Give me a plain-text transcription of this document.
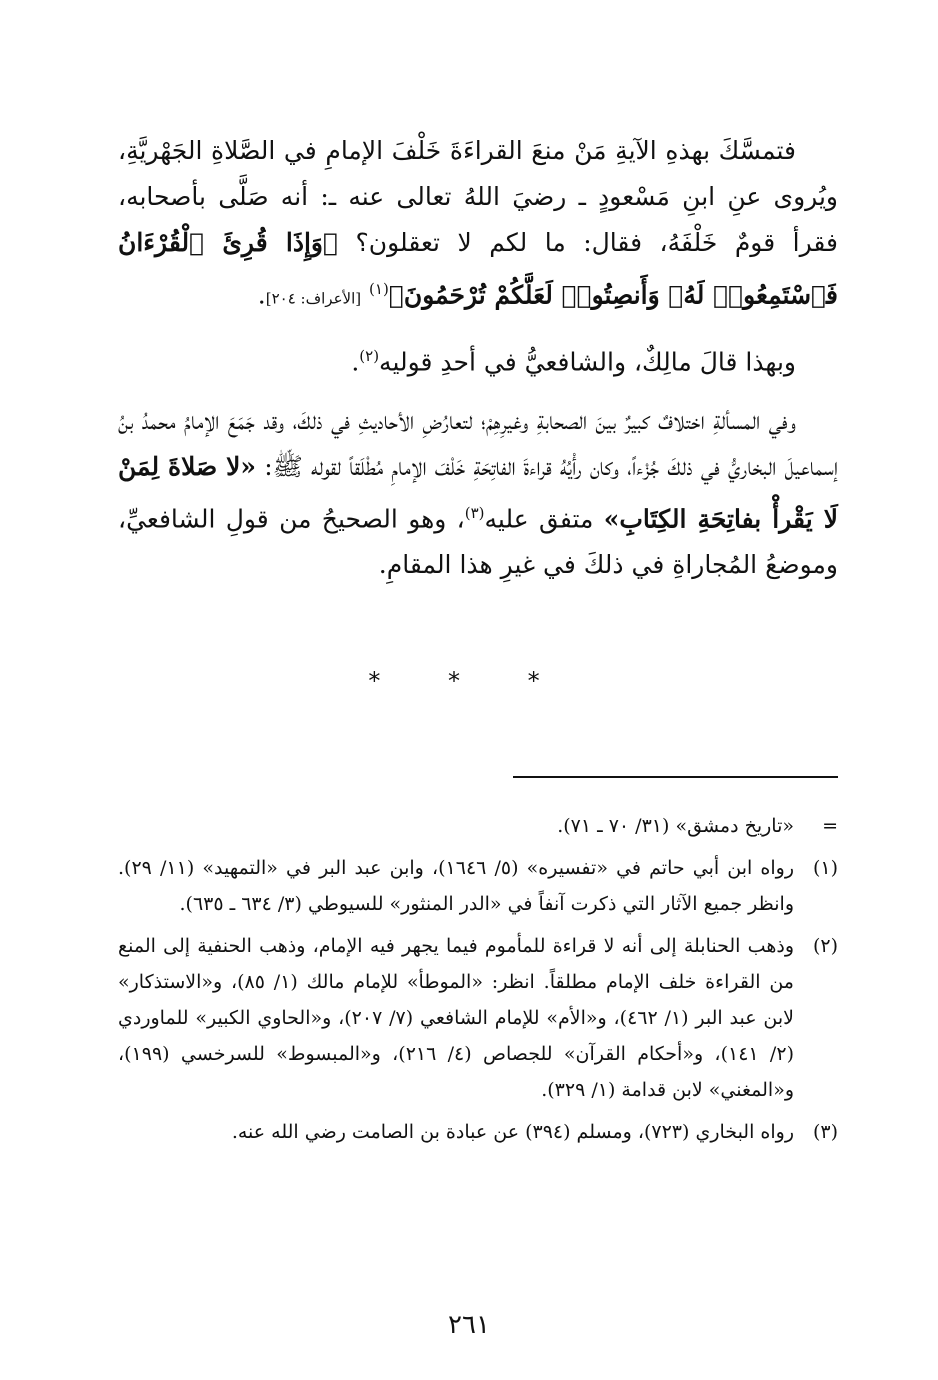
فتمسَّكَ بهذهِ الآيةِ مَنْ منعَ القراءَةَ خَلْفَ الإمامِ في الصَّلاةِ الجَهْريَّةِ، ويُروى عنِ ابنِ مَسْعودٍ ـ رضيَ اللهُ تعالى عنه ـ: أنه صَلَّى بأصحابه، فقرأ قومٌ خَلْفَهُ، فقال: ما لكم لا تعقلون؟ ﴿وَإِذَا قُرِئَ ٱلْقُرْءَانُ فَٱسْتَمِعُوا۟ لَهُۥ وَأَنصِتُوا۟ لَعَلَّكُمْ تُرْحَمُونَ﴾$^{(١)}$ [الأعراف: ٢٠٤].

وبهذا قالَ مالِكٌ، والشافعيُّ في أحدِ قوليه$^{(٢)}$.

وفي المسألةِ اختلافٌ كبيرٌ بينَ الصحابةِ وغيرِهِمْ؛ لتعارُضِ الأحاديثِ في ذلكَ، وقد جَمَعَ الإمامُ محمدُ بنُ إسماعيلَ البخاريُّ في ذلكَ جُزْءاً، وكان رأْيُهُ قراءةَ الفاتِحَةِ خَلْفَ الإمامِ مُطْلَقاً لقوله ﷺ: «لا صَلاةَ لِمَنْ لَا يَقْرأْ بفاتِحَةِ الكِتَابِ» متفق عليه$^{(٣)}$، وهو الصحيحُ من قولِ الشافعيِّ، وموضعُ المُجاراةِ في ذلكَ في غيرِ هذا المقامِ.

* * *
=
«تاريخ دمشق» (٣١/ ٧٠ ـ ٧١).
(١)
رواه ابن أبي حاتم في «تفسيره» (٥/ ١٦٤٦)، وابن عبد البر في «التمهيد» (١١/ ٢٩). وانظر جميع الآثار التي ذكرت آنفاً في «الدر المنثور» للسيوطي (٣/ ٦٣٤ ـ ٦٣٥).
(٢)
وذهب الحنابلة إلى أنه لا قراءة للمأموم فيما يجهر فيه الإمام، وذهب الحنفية إلى المنع من القراءة خلف الإمام مطلقاً. انظر: «الموطأ» للإمام مالك (١/ ٨٥)، و«الاستذكار» لابن عبد البر (١/ ٤٦٢)، و«الأم» للإمام الشافعي (٧/ ٢٠٧)، و«الحاوي الكبير» للماوردي (٢/ ١٤١)، و«أحكام القرآن» للجصاص (٤/ ٢١٦)، و«المبسوط» للسرخسي (١٩٩)، و«المغني» لابن قدامة (١/ ٣٢٩).
(٣)
رواه البخاري (٧٢٣)، ومسلم (٣٩٤) عن عبادة بن الصامت رضي الله عنه.
٢٦١
